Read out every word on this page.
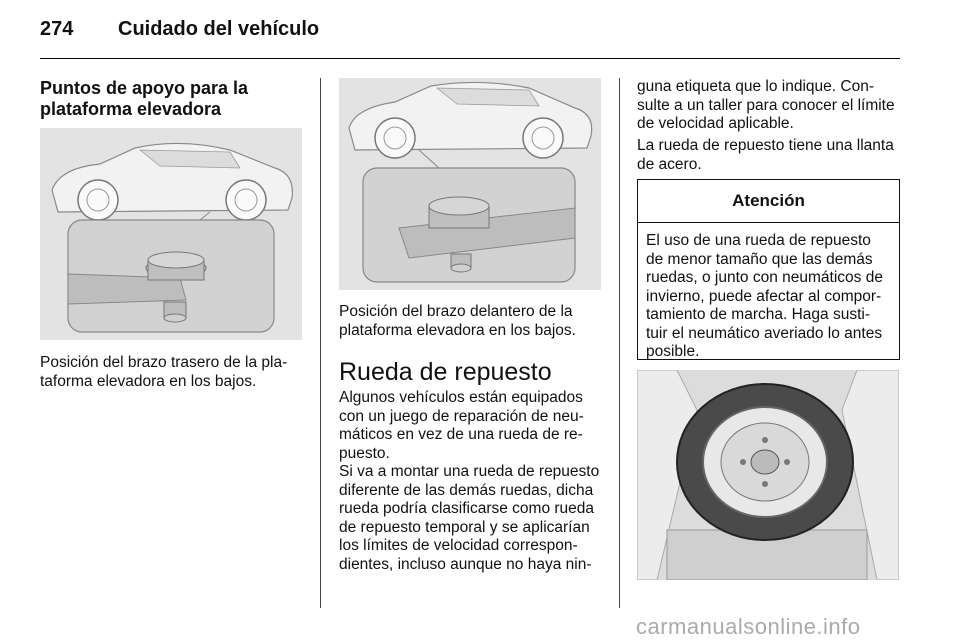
274 Cuidado del vehículo
Puntos de apoyo para la
plataforma elevadora
Posición del brazo trasero de la pla-
taforma elevadora en los bajos.
Posición del brazo delantero de la
plataforma elevadora en los bajos.
Rueda de repuesto
Algunos vehículos están equipados
con un juego de reparación de neu-
máticos en vez de una rueda de re-
puesto.
Si va a montar una rueda de repuesto
diferente de las demás ruedas, dicha
rueda podría clasificarse como rueda
de repuesto temporal y se aplicarían
los límites de velocidad correspon-
dientes, incluso aunque no haya nin-
guna etiqueta que lo indique. Con-
sulte a un taller para conocer el límite
de velocidad aplicable.
La rueda de repuesto tiene una llanta
de acero.
Atención
El uso de una rueda de repuesto
de menor tamaño que las demás
ruedas, o junto con neumáticos de
invierno, puede afectar al compor-
tamiento de marcha. Haga susti-
tuir el neumático averiado lo antes
posible.
carmanualsonline.info
